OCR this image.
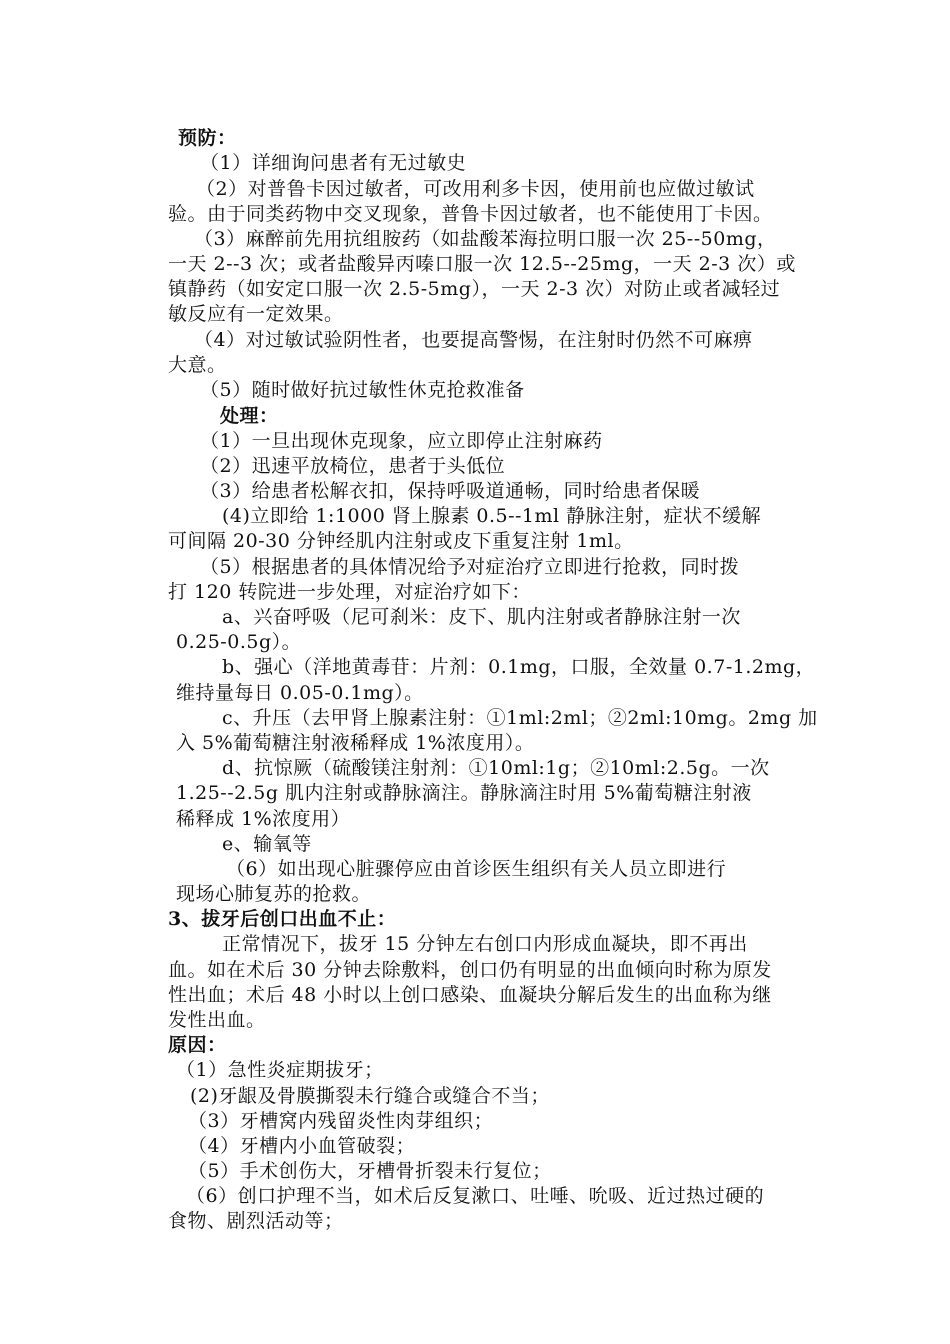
预防：
（1）详细询问患者有无过敏史
（2）对普鲁卡因过敏者，可改用利多卡因，使用前也应做过敏试
验。由于同类药物中交叉现象，普鲁卡因过敏者，也不能使用丁卡因。
（3）麻醉前先用抗组胺药（如盐酸苯海拉明口服一次 25--50mg，
一天 2--3 次；或者盐酸异丙嗪口服一次 12.5--25mg，一天 2-3 次）或
镇静药（如安定口服一次 2.5-5mg），一天 2-3 次）对防止或者减轻过
敏反应有一定效果。
（4）对过敏试验阴性者，也要提高警惕，在注射时仍然不可麻痹
大意。
（5）随时做好抗过敏性休克抢救准备
处理：
（1）一旦出现休克现象，应立即停止注射麻药
（2）迅速平放椅位，患者于头低位
（3）给患者松解衣扣，保持呼吸道通畅，同时给患者保暖
(4)立即给 1:1000 肾上腺素 0.5--1ml 静脉注射，症状不缓解
可间隔 20-30 分钟经肌内注射或皮下重复注射 1ml。
（5）根据患者的具体情况给予对症治疗立即进行抢救，同时拨
打 120 转院进一步处理，对症治疗如下：
a、兴奋呼吸（尼可刹米：皮下、肌内注射或者静脉注射一次
0.25-0.5g）。
b、强心（洋地黄毒苷：片剂：0.1mg，口服，全效量 0.7-1.2mg，
维持量每日 0.05-0.1mg）。
c、升压（去甲肾上腺素注射：①1ml:2ml；②2ml:10mg。2mg 加
入 5%葡萄糖注射液稀释成 1%浓度用）。
d、抗惊厥（硫酸镁注射剂：①10ml:1g；②10ml:2.5g。一次
1.25--2.5g 肌内注射或静脉滴注。静脉滴注时用 5%葡萄糖注射液
稀释成 1%浓度用）
e、输氧等
（6）如出现心脏骤停应由首诊医生组织有关人员立即进行
现场心肺复苏的抢救。
3、拔牙后创口出血不止：
正常情况下，拔牙 15 分钟左右创口内形成血凝块，即不再出
血。如在术后 30 分钟去除敷料，创口仍有明显的出血倾向时称为原发
性出血；术后 48 小时以上创口感染、血凝块分解后发生的出血称为继
发性出血。
原因：
（1）急性炎症期拔牙；
(2)牙龈及骨膜撕裂未行缝合或缝合不当；
（3）牙槽窝内残留炎性肉芽组织；
（4）牙槽内小血管破裂；
（5）手术创伤大，牙槽骨折裂未行复位；
（6）创口护理不当，如术后反复漱口、吐唾、吮吸、近过热过硬的
食物、剧烈活动等；
